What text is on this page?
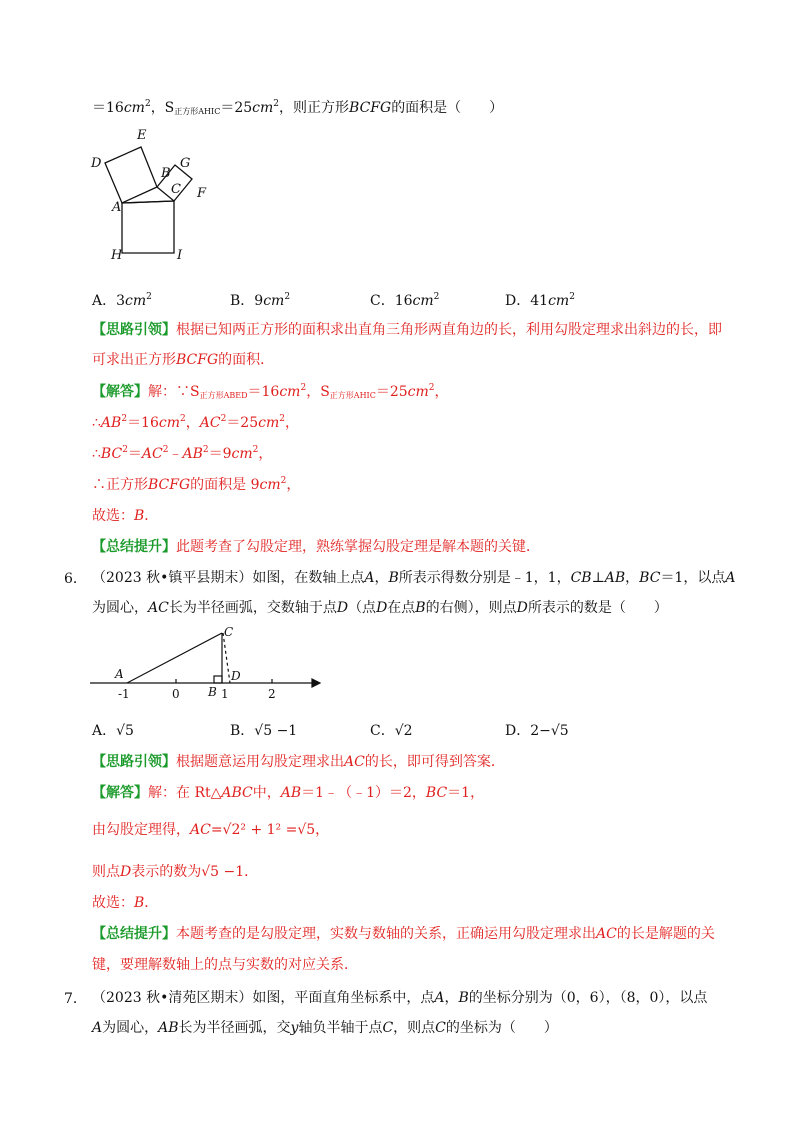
$=16cm^2$，$S_{正方形AHIC}=25cm^2$，则正方形BCFG的面积是（　　）
E
D	G
B
C F
A
H	I
A．$3cm^2$	B．$9cm^2$	C．$16cm^2$	D．$41cm^2$
【思路引领】根据已知两正方形的面积求出直角三角形两直角边的长，利用勾股定理求出斜边的长，即
可求出正方形BCFG的面积．
【解答】解：$\because S_{正方形ABED}=16cm^2$，$S_{正方形AHIC}=25cm^2$，
$\therefore AB^2=16cm^2$，$AC^2=25cm^2$，
$\therefore BC^2=AC^2﹣AB^2=9cm^2$，
∴正方形BCFG的面积是 $9cm^2$，
故选：B．
【总结提升】此题考查了勾股定理，熟练掌握勾股定理是解本题的关键．
6． （2023 秋•镇平县期末）如图，在数轴上点A，B所表示得数分别是﹣1，1，CB⊥AB，BC＝1，以点A
为圆心，AC长为半径画弧，交数轴于点D（点D在点B的右侧），则点D所表示的数是（　　）
C
A	D
B
-1	0	1	2
A．√5	B．√5 −1	C．√2	D．2−√5
【思路引领】根据题意运用勾股定理求出AC的长，即可得到答案．
【解答】解：在 Rt△ABC中，AB＝1﹣（﹣1）＝2，BC＝1，
由勾股定理得，AC=√2² + 1² =√5，
则点D表示的数为√5 −1．
故选：B．
【总结提升】本题考查的是勾股定理，实数与数轴的关系，正确运用勾股定理求出AC的长是解题的关
键，要理解数轴上的点与实数的对应关系．
7． （2023 秋•清苑区期末）如图，平面直角坐标系中，点A，B的坐标分别为（0，6），（8，0），以点
A为圆心，AB长为半径画弧，交y轴负半轴于点C，则点C的坐标为（　　）
